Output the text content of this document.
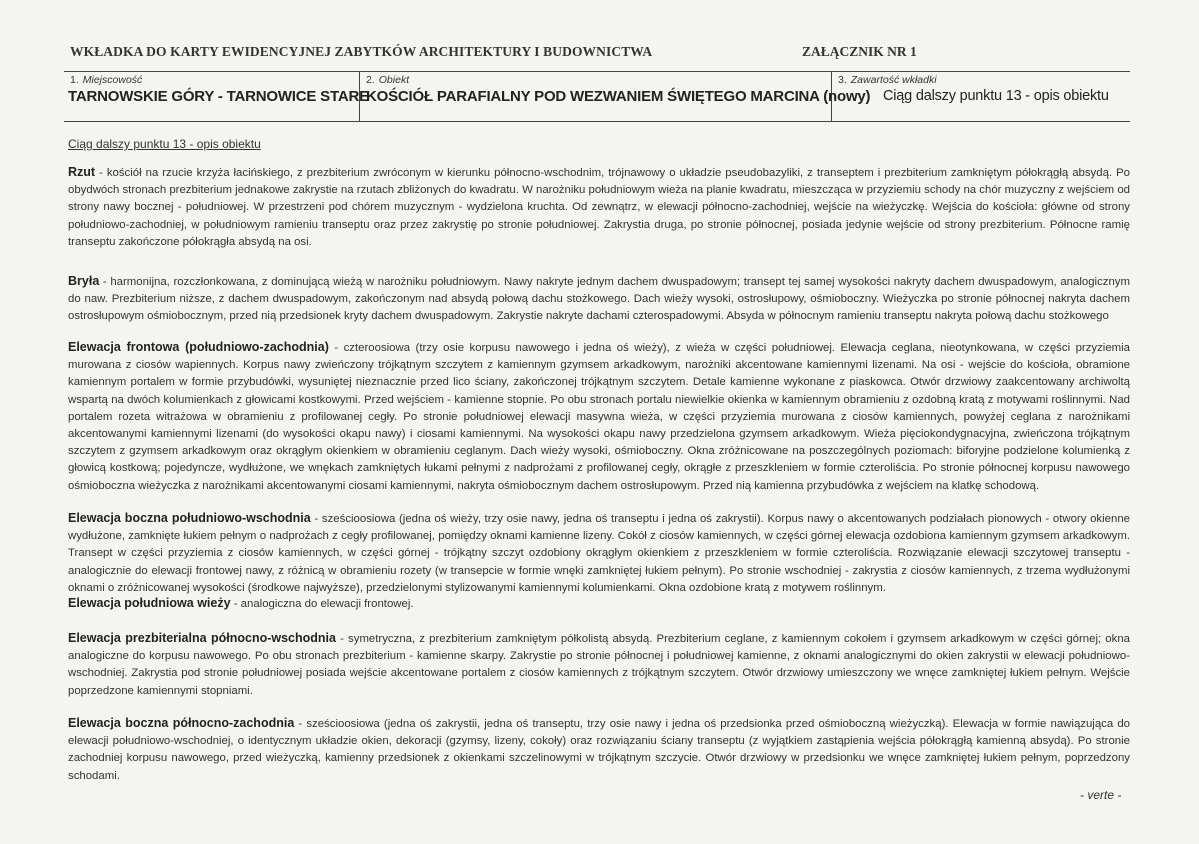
WKŁADKA DO KARTY EWIDENCYJNEJ ZABYTKÓW ARCHITEKTURY I BUDOWNICTWA	ZAŁĄCZNIK NR 1
1. Miejscowość
TARNOWSKIE GÓRY - TARNOWICE STARE
2. Obiekt
KOŚCIÓŁ PARAFIALNY POD WEZWANIEM ŚWIĘTEGO MARCINA (nowy)
3. Zawartość wkładki
Ciąg dalszy punktu 13 - opis obiektu
Ciąg dalszy punktu 13 - opis obiektu
Rzut - kościół na rzucie krzyża łacińskiego, z prezbiterium zwróconym w kierunku północno-wschodnim, trójnawowy o układzie pseudobazyliki, z transeptem i prezbiterium zamkniętym półokrągłą absydą. Po obydwóch stronach prezbiterium jednakowe zakrystie na rzutach zbliżonych do kwadratu. W narożniku południowym wieża na planie kwadratu, mieszcząca w przyziemiu schody na chór muzyczny z wejściem od strony nawy bocznej - południowej. W przestrzeni pod chórem muzycznym - wydzielona kruchta. Od zewnątrz, w elewacji północno-zachodniej, wejście na wieżyczkę. Wejścia do kościoła: główne od strony południowo-zachodniej, w południowym ramieniu transeptu oraz przez zakrystię po stronie południowej. Zakrystia druga, po stronie północnej, posiada jedynie wejście od strony prezbiterium. Północne ramię transeptu zakończone półokrągła absydą na osi.
Bryła - harmonijna, rozczłonkowana, z dominującą wieżą w narożniku południowym. Nawy nakryte jednym dachem dwuspadowym; transept tej samej wysokości nakryty dachem dwuspadowym, analogicznym do naw. Prezbiterium niższe, z dachem dwuspadowym, zakończonym nad absydą połową dachu stożkowego. Dach wieży wysoki, ostrosłupowy, ośmioboczny. Wieżyczka po stronie północnej nakryta dachem ostrosłupowym ośmiobocznym, przed nią przedsionek kryty dachem dwuspadowym. Zakrystie nakryte dachami czterospadowymi. Absyda w północnym ramieniu transeptu nakryta połową dachu stożkowego
Elewacja frontowa (południowo-zachodnia) - czteroosiowa (trzy osie korpusu nawowego i jedna oś wieży), z wieża w części południowej. Elewacja ceglana, nieotynkowana, w części przyziemia murowana z ciosów wapiennych. Korpus nawy zwieńczony trójkątnym szczytem z kamiennym gzymsem arkadkowym, narożniki akcentowane kamiennymi lizenami. Na osi - wejście do kościoła, obramione kamiennym portalem w formie przybudówki, wysuniętej nieznacznie przed lico ściany, zakończonej trójkątnym szczytem. Detale kamienne wykonane z piaskowca. Otwór drzwiowy zaakcentowany archiwoltą wspartą na dwóch kolumienkach z głowicami kostkowymi. Przed wejściem - kamienne stopnie. Po obu stronach portalu niewielkie okienka w kamiennym obramieniu z ozdobną kratą z motywami roślinnymi. Nad portalem rozeta witrażowa w obramieniu z profilowanej cegły. Po stronie południowej elewacji masywna wieża, w części przyziemia murowana z ciosów kamiennych, powyżej ceglana z narożnikami akcentowanymi kamiennymi lizenami (do wysokości okapu nawy) i ciosami kamiennymi. Na wysokości okapu nawy przedzielona gzymsem arkadkowym. Wieża pięciokondygnacyjna, zwieńczona trójkątnym szczytem z gzymsem arkadkowym oraz okrągłym okienkiem w obramieniu ceglanym. Dach wieży wysoki, ośmioboczny. Okna zróżnicowane na poszczególnych poziomach: biforyjne podzielone kolumienką z głowicą kostkową; pojedyncze, wydłużone, we wnękach zamkniętych łukami pełnymi z nadprożami z profilowanej cegły, okrągłe z przeszkleniem w formie czteroliścia. Po stronie północnej korpusu nawowego ośmioboczna wieżyczka z narożnikami akcentowanymi ciosami kamiennymi, nakryta ośmiobocznym dachem ostrosłupowym. Przed nią kamienna przybudówka z wejściem na klatkę schodową.
Elewacja boczna południowo-wschodnia - sześcioosiowa (jedna oś wieży, trzy osie nawy, jedna oś transeptu i jedna oś zakrystii). Korpus nawy o akcentowanych podziałach pionowych - otwory okienne wydłużone, zamknięte łukiem pełnym o nadprożach z cegły profilowanej, pomiędzy oknami kamienne lizeny. Cokół z ciosów kamiennych, w części górnej elewacja ozdobiona kamiennym gzymsem arkadkowym. Transept w części przyziemia z ciosów kamiennych, w części górnej - trójkątny szczyt ozdobiony okrągłym okienkiem z przeszkleniem w formie czteroliścia. Rozwiązanie elewacji szczytowej transeptu - analogicznie do elewacji frontowej nawy, z różnicą w obramieniu rozety (w transepcie w formie wnęki zamkniętej łukiem pełnym). Po stronie wschodniej - zakrystia z ciosów kamiennych, z trzema wydłużonymi oknami o zróżnicowanej wysokości (środkowe najwyższe), przedzielonymi stylizowanymi kamiennymi kolumienkami. Okna ozdobione kratą z motywem roślinnym.
Elewacja południowa wieży - analogiczna do elewacji frontowej.
Elewacja prezbiterialna północno-wschodnia - symetryczna, z prezbiterium zamkniętym półkolistą absydą. Prezbiterium ceglane, z kamiennym cokołem i gzymsem arkadkowym w części górnej; okna analogiczne do korpusu nawowego. Po obu stronach prezbiterium - kamienne skarpy. Zakrystie po stronie północnej i południowej kamienne, z oknami analogicznymi do okien zakrystii w elewacji południowo-wschodniej. Zakrystia pod stronie południowej posiada wejście akcentowane portalem z ciosów kamiennych z trójkątnym szczytem. Otwór drzwiowy umieszczony we wnęce zamkniętej łukiem pełnym. Wejście poprzedzone kamiennymi stopniami.
Elewacja boczna północno-zachodnia - sześcioosiowa (jedna oś zakrystii, jedna oś transeptu, trzy osie nawy i jedna oś przedsionka przed ośmioboczną wieżyczką). Elewacja w formie nawiązująca do elewacji południowo-wschodniej, o identycznym układzie okien, dekoracji (gzymsy, lizeny, cokoły) oraz rozwiązaniu ściany transeptu (z wyjątkiem zastąpienia wejścia półokrągłą kamienną absydą). Po stronie zachodniej korpusu nawowego, przed wieżyczką, kamienny przedsionek z okienkami szczelinowymi w trójkątnym szczycie. Otwór drzwiowy w przedsionku we wnęce zamkniętej łukiem pełnym, poprzedzony schodami.
- verte -
